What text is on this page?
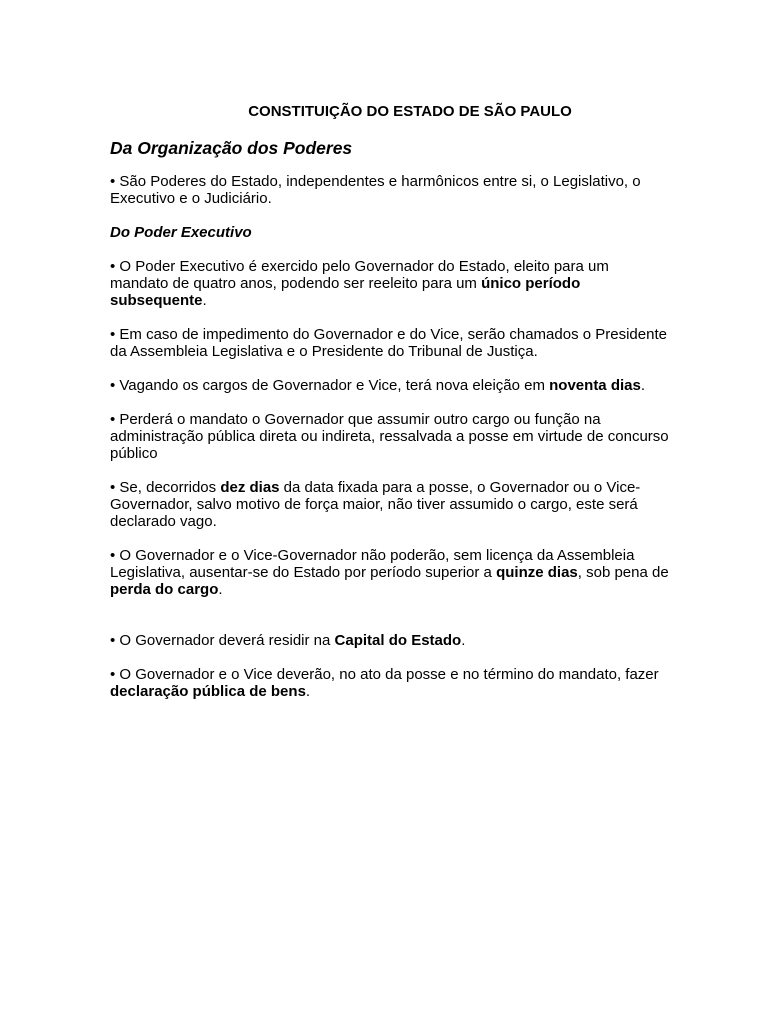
CONSTITUIÇÃO DO ESTADO DE SÃO PAULO
Da Organização dos Poderes
• São Poderes do Estado, independentes e harmônicos entre si, o Legislativo, o Executivo e o Judiciário.
Do Poder Executivo
• O Poder Executivo é exercido pelo Governador do Estado, eleito para um mandato de quatro anos, podendo ser reeleito para um único período subsequente.
• Em caso de impedimento do Governador e do Vice, serão chamados o Presidente da Assembleia Legislativa e o Presidente do Tribunal de Justiça.
• Vagando os cargos de Governador e Vice, terá nova eleição em noventa dias.
• Perderá o mandato o Governador que assumir outro cargo ou função na administração pública direta ou indireta, ressalvada a posse em virtude de concurso público
• Se, decorridos dez dias da data fixada para a posse, o Governador ou o Vice-Governador, salvo motivo de força maior, não tiver assumido o cargo, este será declarado vago.
• O Governador e o Vice-Governador não poderão, sem licença da Assembleia Legislativa, ausentar-se do Estado por período superior a quinze dias, sob pena de perda do cargo.
• O Governador deverá residir na Capital do Estado.
• O Governador e o Vice deverão, no ato da posse e no término do mandato, fazer declaração pública de bens.
